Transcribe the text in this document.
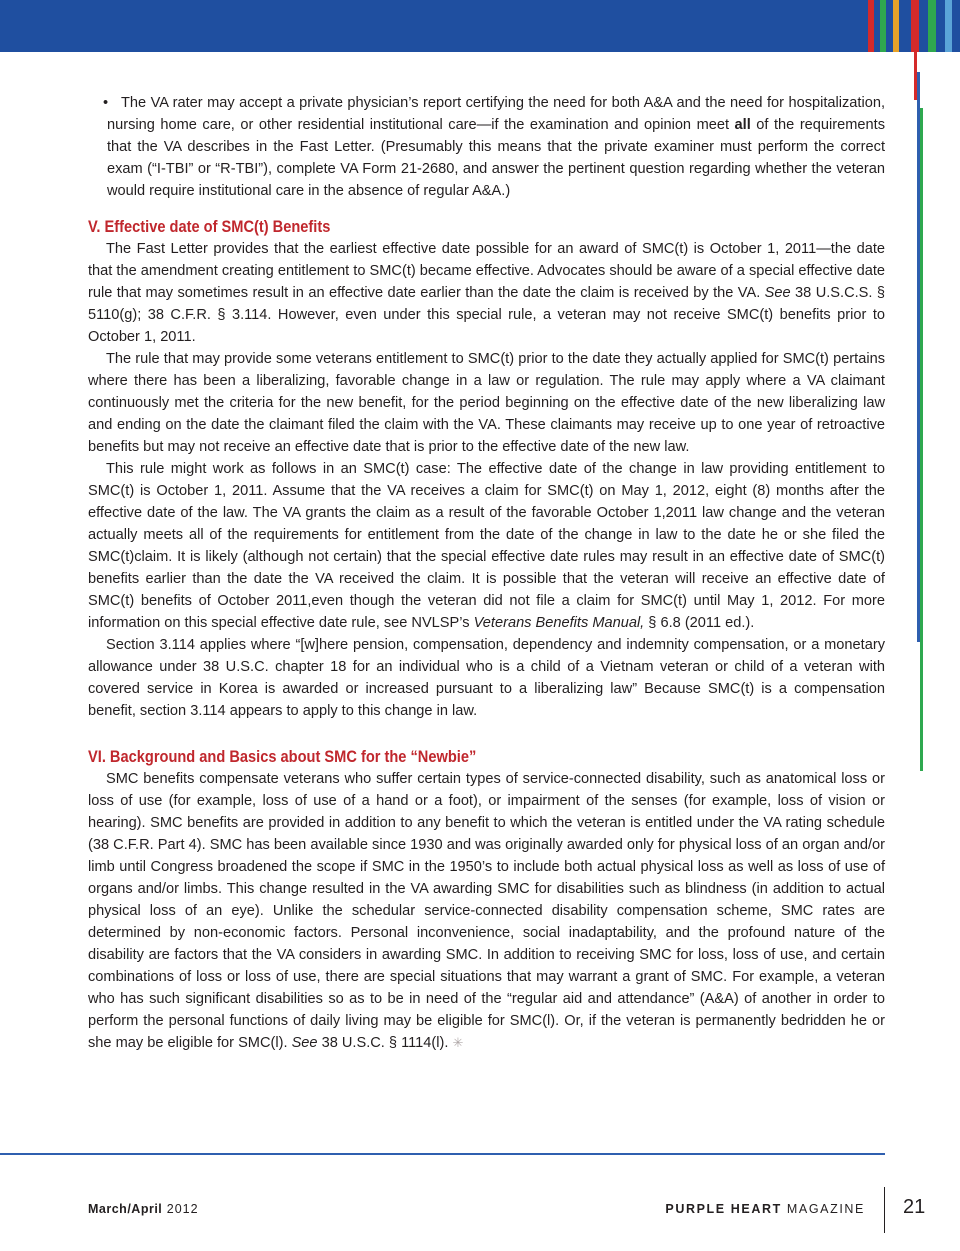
• The VA rater may accept a private physician’s report certifying the need for both A&A and the need for hospitalization, nursing home care, or other residential institutional care—if the examination and opinion meet all of the requirements that the VA describes in the Fast Letter. (Presumably this means that the private examiner must perform the correct exam (“I-TBI” or “R-TBI”), complete VA Form 21-2680, and answer the pertinent question regarding whether the veteran would require institutional care in the absence of regular A&A.)

V. Effective date of SMC(t) Benefits

The Fast Letter provides that the earliest effective date possible for an award of SMC(t) is October 1, 2011—the date that the amendment creating entitlement to SMC(t) became effective. Advocates should be aware of a special effective date rule that may sometimes result in an effective date earlier than the date the claim is received by the VA. See 38 U.S.C.S. § 5110(g); 38 C.F.R. § 3.114. However, even under this special rule, a veteran may not receive SMC(t) benefits prior to October 1, 2011.

The rule that may provide some veterans entitlement to SMC(t) prior to the date they actually applied for SMC(t) pertains where there has been a liberalizing, favorable change in a law or regulation. The rule may apply where a VA claimant continuously met the criteria for the new benefit, for the period beginning on the effective date of the new liberalizing law and ending on the date the claimant filed the claim with the VA. These claimants may receive up to one year of retroactive benefits but may not receive an effective date that is prior to the effective date of the new law.

This rule might work as follows in an SMC(t) case: The effective date of the change in law providing entitlement to SMC(t) is October 1, 2011. Assume that the VA receives a claim for SMC(t) on May 1, 2012, eight (8) months after the effective date of the law. The VA grants the claim as a result of the favorable October 1,2011 law change and the veteran actually meets all of the requirements for entitlement from the date of the change in law to the date he or she filed the SMC(t)claim. It is likely (although not certain) that the special effective date rules may result in an effective date of SMC(t) benefits earlier than the date the VA received the claim. It is possible that the veteran will receive an effective date of SMC(t) benefits of October 2011,even though the veteran did not file a claim for SMC(t) until May 1, 2012. For more information on this special effective date rule, see NVLSP’s Veterans Benefits Manual, § 6.8 (2011 ed.).

Section 3.114 applies where “[w]here pension, compensation, dependency and indemnity compensation, or a monetary allowance under 38 U.S.C. chapter 18 for an individual who is a child of a Vietnam veteran or child of a veteran with covered service in Korea is awarded or increased pursuant to a liberalizing law” Because SMC(t) is a compensation benefit, section 3.114 appears to apply to this change in law.

VI. Background and Basics about SMC for the “Newbie”

SMC benefits compensate veterans who suffer certain types of service-connected disability, such as anatomical loss or loss of use (for example, loss of use of a hand or a foot), or impairment of the senses (for example, loss of vision or hearing). SMC benefits are provided in addition to any benefit to which the veteran is entitled under the VA rating schedule (38 C.F.R. Part 4). SMC has been available since 1930 and was originally awarded only for physical loss of an organ and/or limb until Congress broadened the scope if SMC in the 1950’s to include both actual physical loss as well as loss of use of organs and/or limbs. This change resulted in the VA awarding SMC for disabilities such as blindness (in addition to actual physical loss of an eye). Unlike the schedular service-connected disability compensation scheme, SMC rates are determined by non-economic factors. Personal inconvenience, social inadaptability, and the profound nature of the disability are factors that the VA considers in awarding SMC. In addition to receiving SMC for loss, loss of use, and certain combinations of loss or loss of use, there are special situations that may warrant a grant of SMC. For example, a veteran who has such significant disabilities so as to be in need of the “regular aid and attendance” (A&A) of another in order to perform the personal functions of daily living may be eligible for SMC(l). Or, if the veteran is permanently bedridden he or she may be eligible for SMC(l). See 38 U.S.C. § 1114(l). ✳

March/April 2012	PURPLE HEART MAGAZINE 21
